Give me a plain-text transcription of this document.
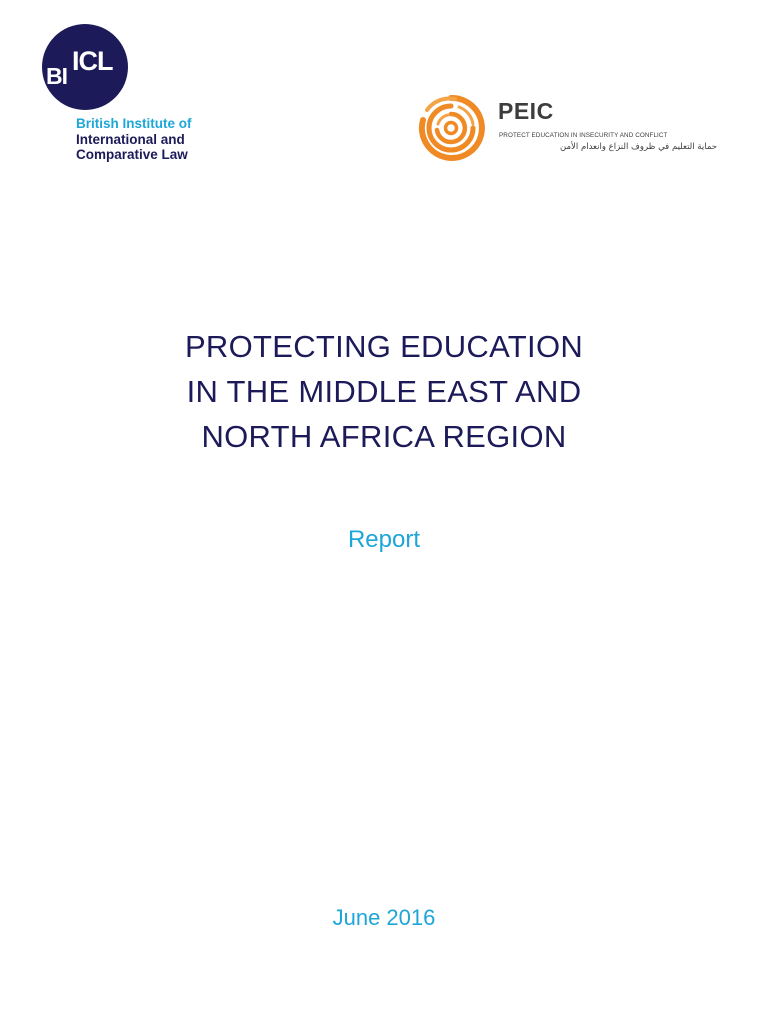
BI ICL
British Institute of
International and
Comparative Law
PEIC
PROTECT EDUCATION IN INSECURITY AND CONFLICT
حماية التعليم في ظروف النزاع وانعدام الأمن
PROTECTING EDUCATION
IN THE MIDDLE EAST AND
NORTH AFRICA REGION
Report
June 2016
